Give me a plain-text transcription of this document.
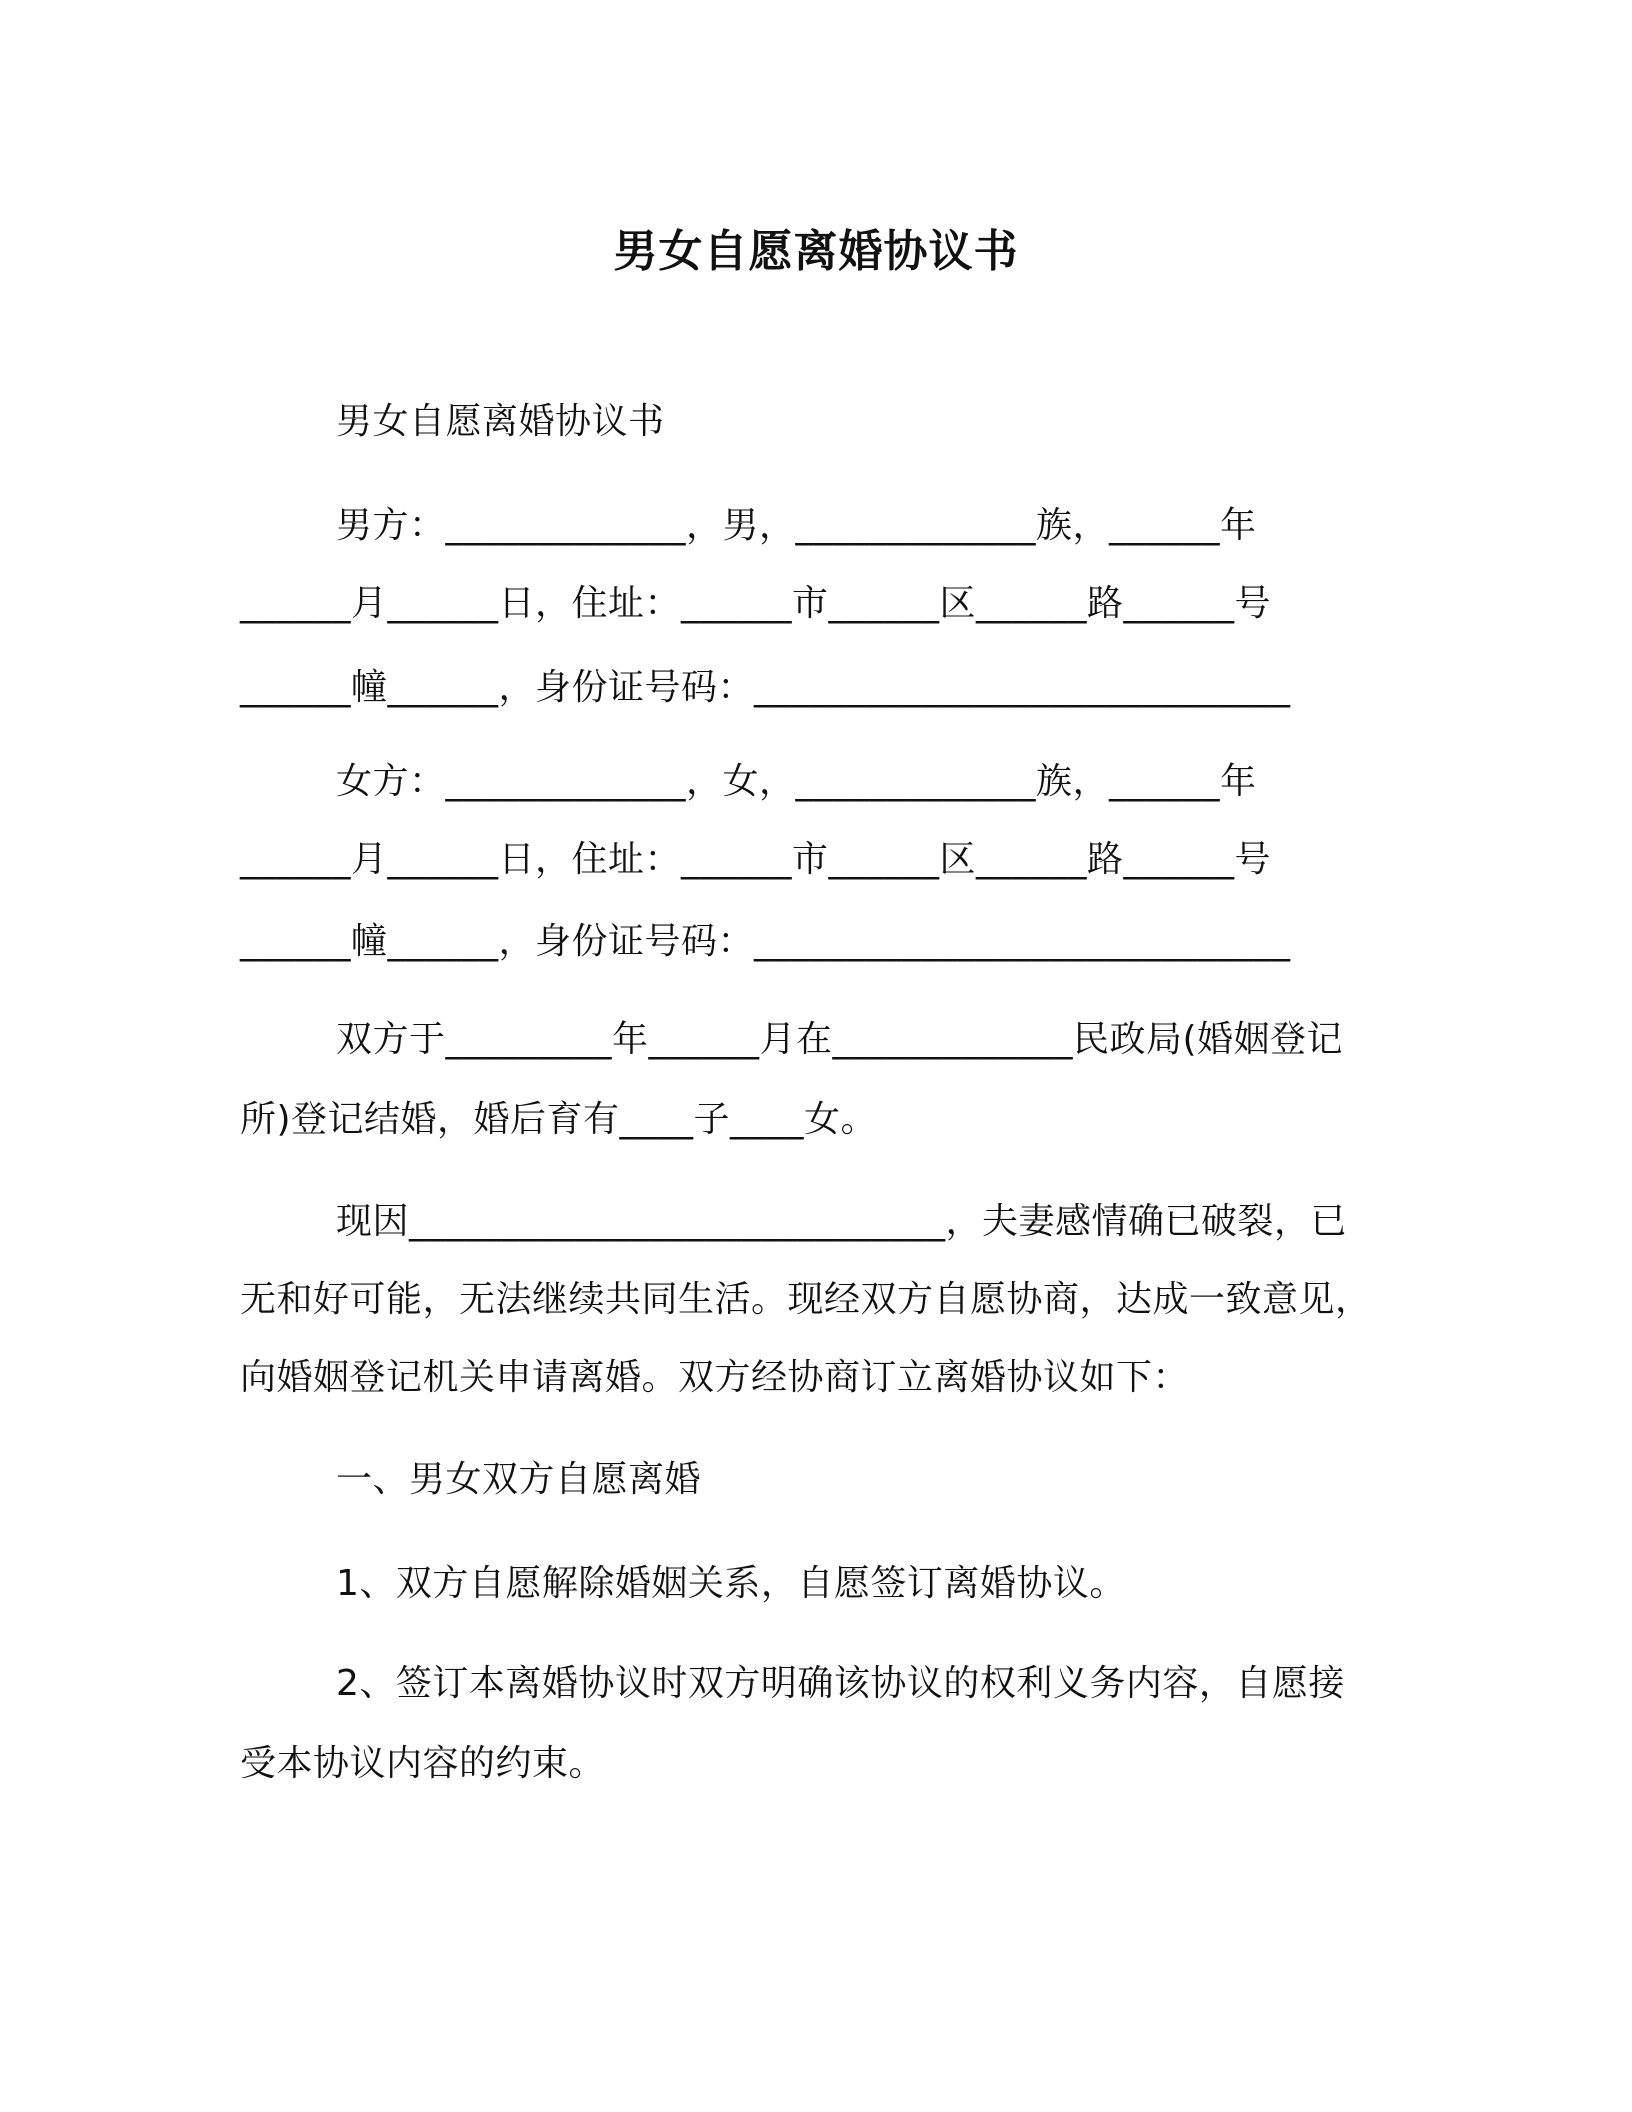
男女自愿离婚协议书
男女自愿离婚协议书
男方：_____________，男，_____________族，______年
______月______日，住址：______市______区______路______号
______幢______，身份证号码：_____________________________
女方：_____________，女，_____________族，______年
______月______日，住址：______市______区______路______号
______幢______，身份证号码：_____________________________
双方于_________年______月在_____________民政局(婚姻登记
所)登记结婚，婚后育有____子____女。
现因_____________________________，夫妻感情确已破裂，已
无和好可能，无法继续共同生活。现经双方自愿协商，达成一致意见，
向婚姻登记机关申请离婚。双方经协商订立离婚协议如下：
一、男女双方自愿离婚
1、双方自愿解除婚姻关系，自愿签订离婚协议。
2、签订本离婚协议时双方明确该协议的权利义务内容，自愿接
受本协议内容的约束。
